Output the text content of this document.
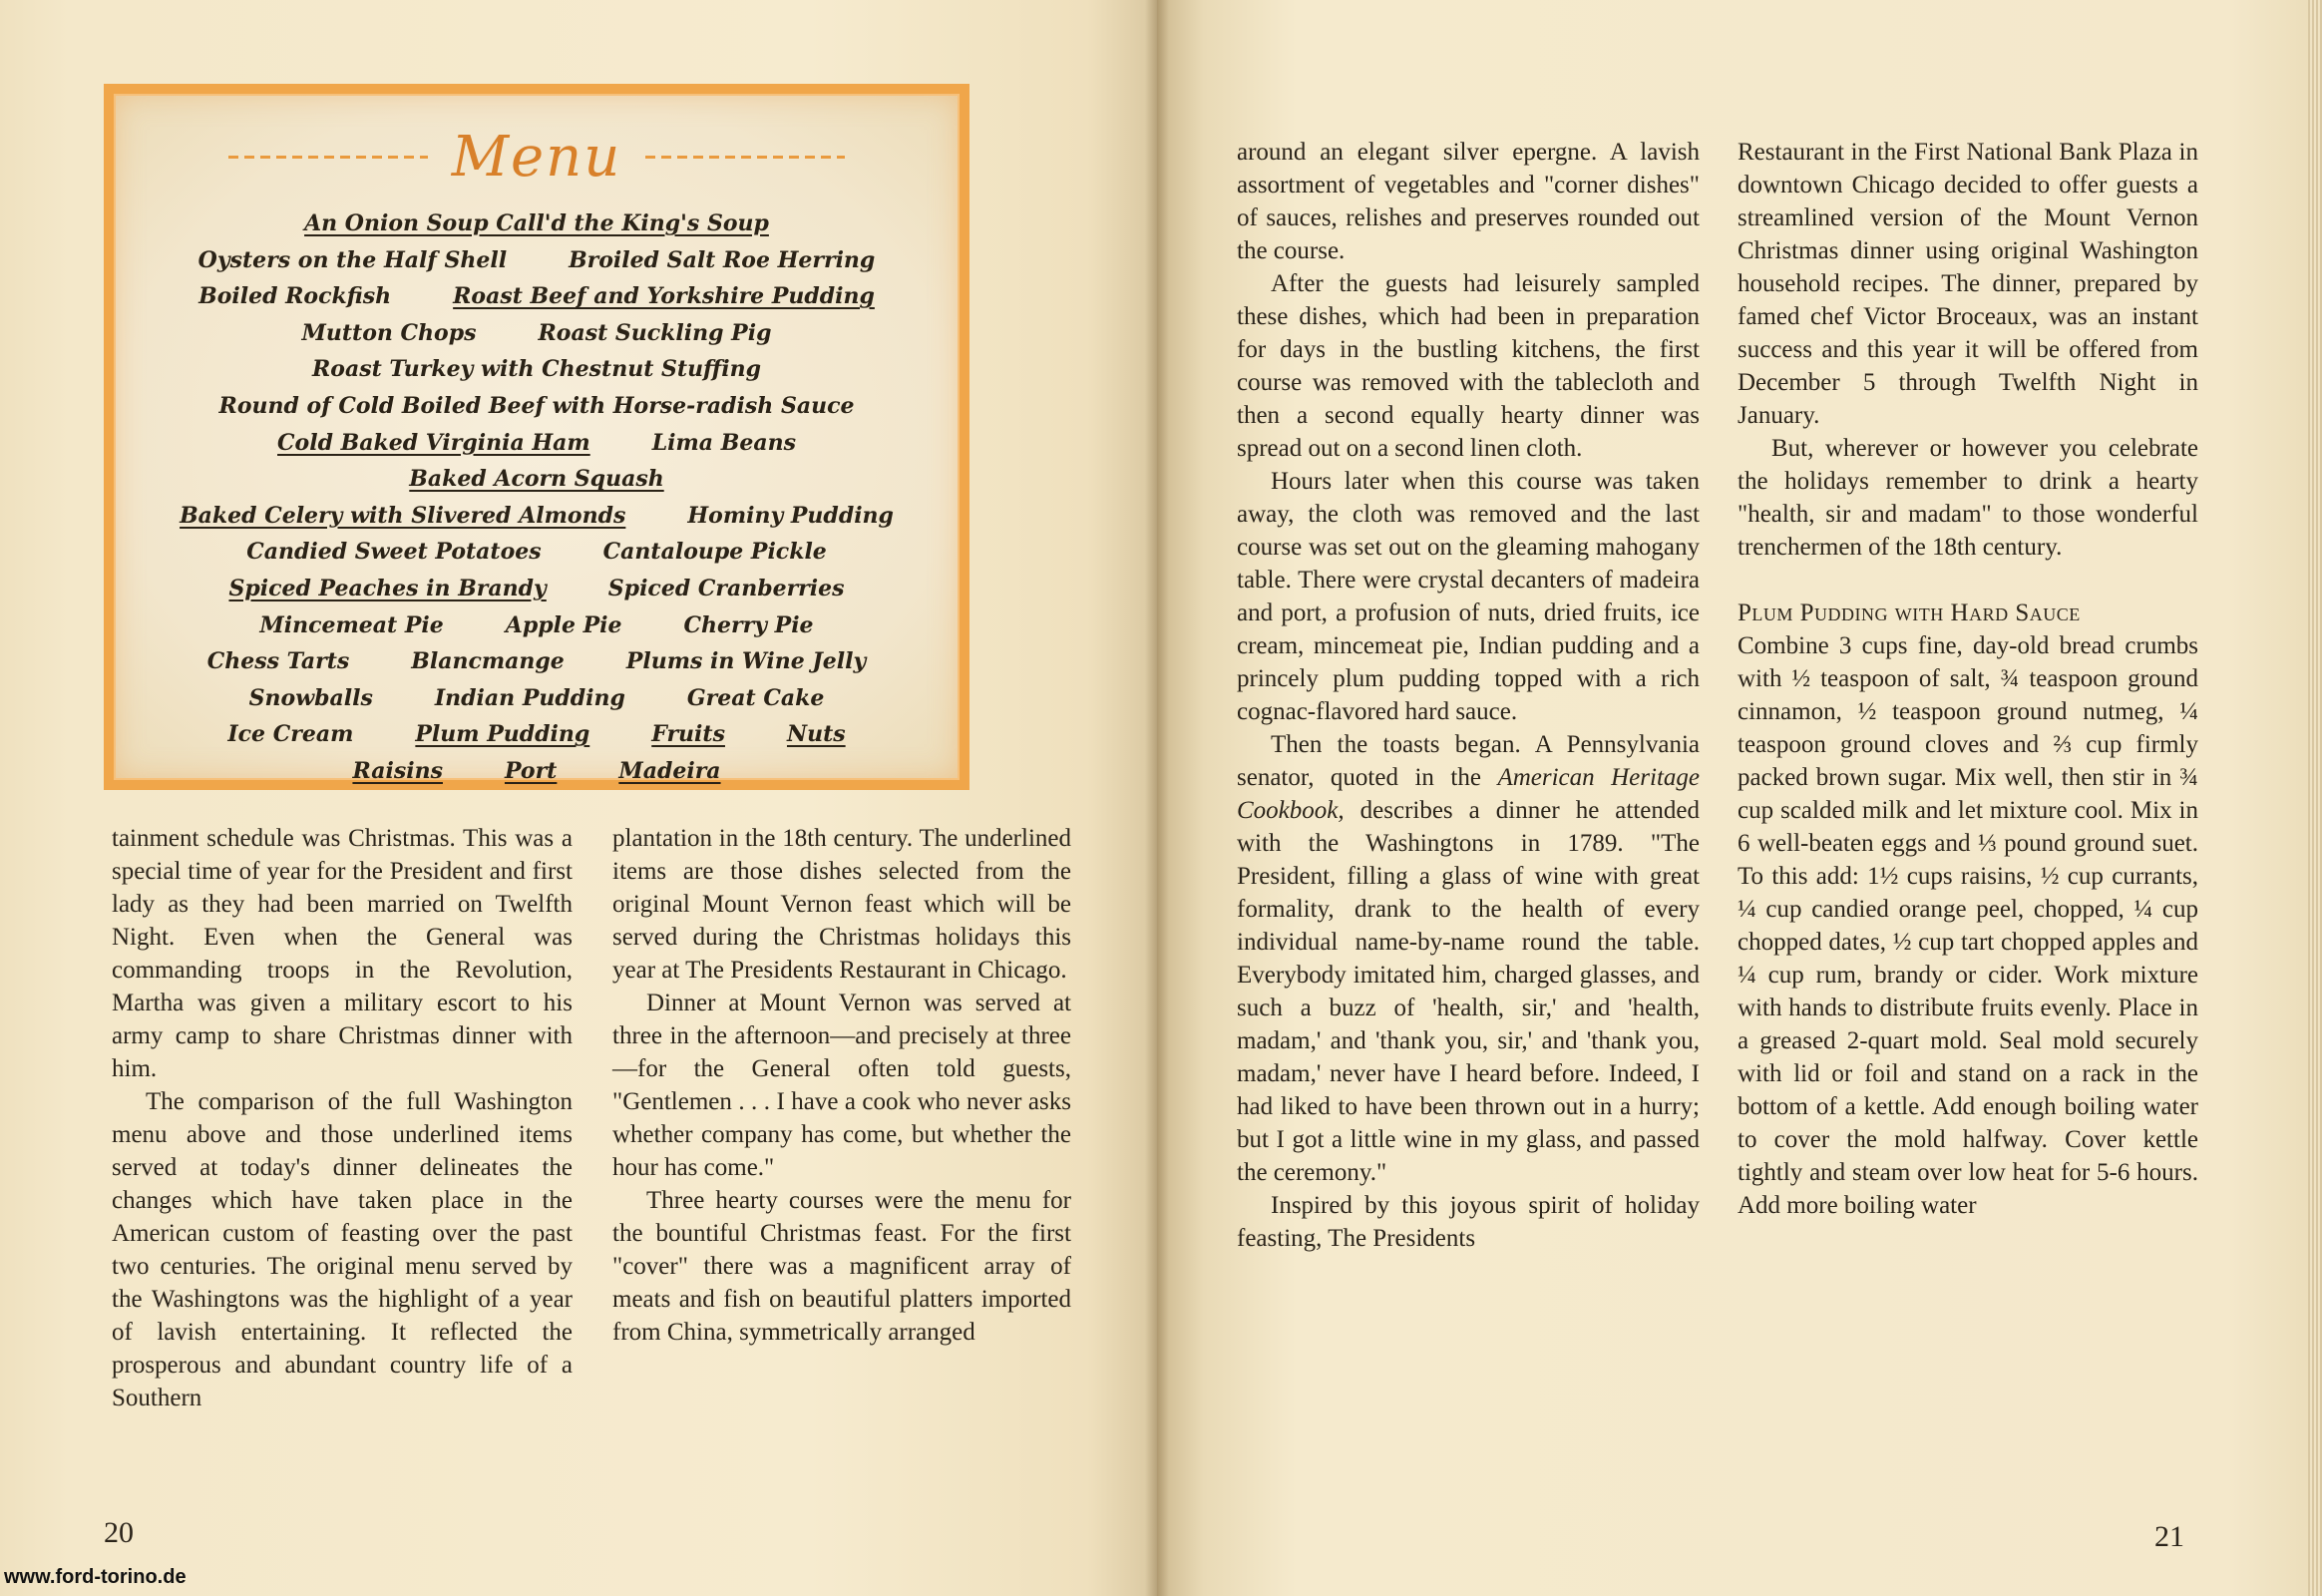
Menu
An Onion Soup Call'd the King's Soup
Oysters on the Half Shell	Broiled Salt Roe Herring
Boiled Rockfish	Roast Beef and Yorkshire Pudding
Mutton Chops	Roast Suckling Pig
Roast Turkey with Chestnut Stuffing
Round of Cold Boiled Beef with Horse-radish Sauce
Cold Baked Virginia Ham	Lima Beans
Baked Acorn Squash
Baked Celery with Slivered Almonds	Hominy Pudding
Candied Sweet Potatoes	Cantaloupe Pickle
Spiced Peaches in Brandy	Spiced Cranberries
Mincemeat Pie	Apple Pie	Cherry Pie
Chess Tarts	Blancmange	Plums in Wine Jelly
Snowballs	Indian Pudding	Great Cake
Ice Cream	Plum Pudding	Fruits	Nuts
Raisins	Port	Madeira

tainment schedule was Christmas. This was a special time of year for the President and first lady as they had been married on Twelfth Night. Even when the General was commanding troops in the Revolution, Martha was given a military escort to his army camp to share Christmas dinner with him.

The comparison of the full Washington menu above and those underlined items served at today's dinner delineates the changes which have taken place in the American custom of feasting over the past two centuries. The original menu served by the Washingtons was the highlight of a year of lavish entertaining. It reflected the prosperous and abundant country life of a Southern

plantation in the 18th century. The underlined items are those dishes selected from the original Mount Vernon feast which will be served during the Christmas holidays this year at The Presidents Restaurant in Chicago.

Dinner at Mount Vernon was served at three in the afternoon—and precisely at three—for the General often told guests, "Gentlemen . . . I have a cook who never asks whether company has come, but whether the hour has come."

Three hearty courses were the menu for the bountiful Christmas feast. For the first "cover" there was a magnificent array of meats and fish on beautiful platters imported from China, symmetrically arranged

20

around an elegant silver epergne. A lavish assortment of vegetables and "corner dishes" of sauces, relishes and preserves rounded out the course.

After the guests had leisurely sampled these dishes, which had been in preparation for days in the bustling kitchens, the first course was removed with the tablecloth and then a second equally hearty dinner was spread out on a second linen cloth.

Hours later when this course was taken away, the cloth was removed and the last course was set out on the gleaming mahogany table. There were crystal decanters of madeira and port, a profusion of nuts, dried fruits, ice cream, mincemeat pie, Indian pudding and a princely plum pudding topped with a rich cognac-flavored hard sauce.

Then the toasts began. A Pennsylvania senator, quoted in the American Heritage Cookbook, describes a dinner he attended with the Washingtons in 1789. "The President, filling a glass of wine with great formality, drank to the health of every individual name-by-name round the table. Everybody imitated him, charged glasses, and such a buzz of 'health, sir,' and 'health, madam,' and 'thank you, sir,' and 'thank you, madam,' never have I heard before. Indeed, I had liked to have been thrown out in a hurry; but I got a little wine in my glass, and passed the ceremony."

Inspired by this joyous spirit of holiday feasting, The Presidents

Restaurant in the First National Bank Plaza in downtown Chicago decided to offer guests a streamlined version of the Mount Vernon Christmas dinner using original Washington household recipes. The dinner, prepared by famed chef Victor Broceaux, was an instant success and this year it will be offered from December 5 through Twelfth Night in January.

But, wherever or however you celebrate the holidays remember to drink a hearty "health, sir and madam" to those wonderful trenchermen of the 18th century.

Plum Pudding with Hard Sauce

Combine 3 cups fine, day-old bread crumbs with ½ teaspoon of salt, ¾ teaspoon ground cinnamon, ½ teaspoon ground nutmeg, ¼ teaspoon ground cloves and ⅔ cup firmly packed brown sugar. Mix well, then stir in ¾ cup scalded milk and let mixture cool. Mix in 6 well-beaten eggs and ⅓ pound ground suet. To this add: 1½ cups raisins, ½ cup currants, ¼ cup candied orange peel, chopped, ¼ cup chopped dates, ½ cup tart chopped apples and ¼ cup rum, brandy or cider. Work mixture with hands to distribute fruits evenly. Place in a greased 2-quart mold. Seal mold securely with lid or foil and stand on a rack in the bottom of a kettle. Add enough boiling water to cover the mold halfway. Cover kettle tightly and steam over low heat for 5-6 hours. Add more boiling water

21
www.ford-torino.de
